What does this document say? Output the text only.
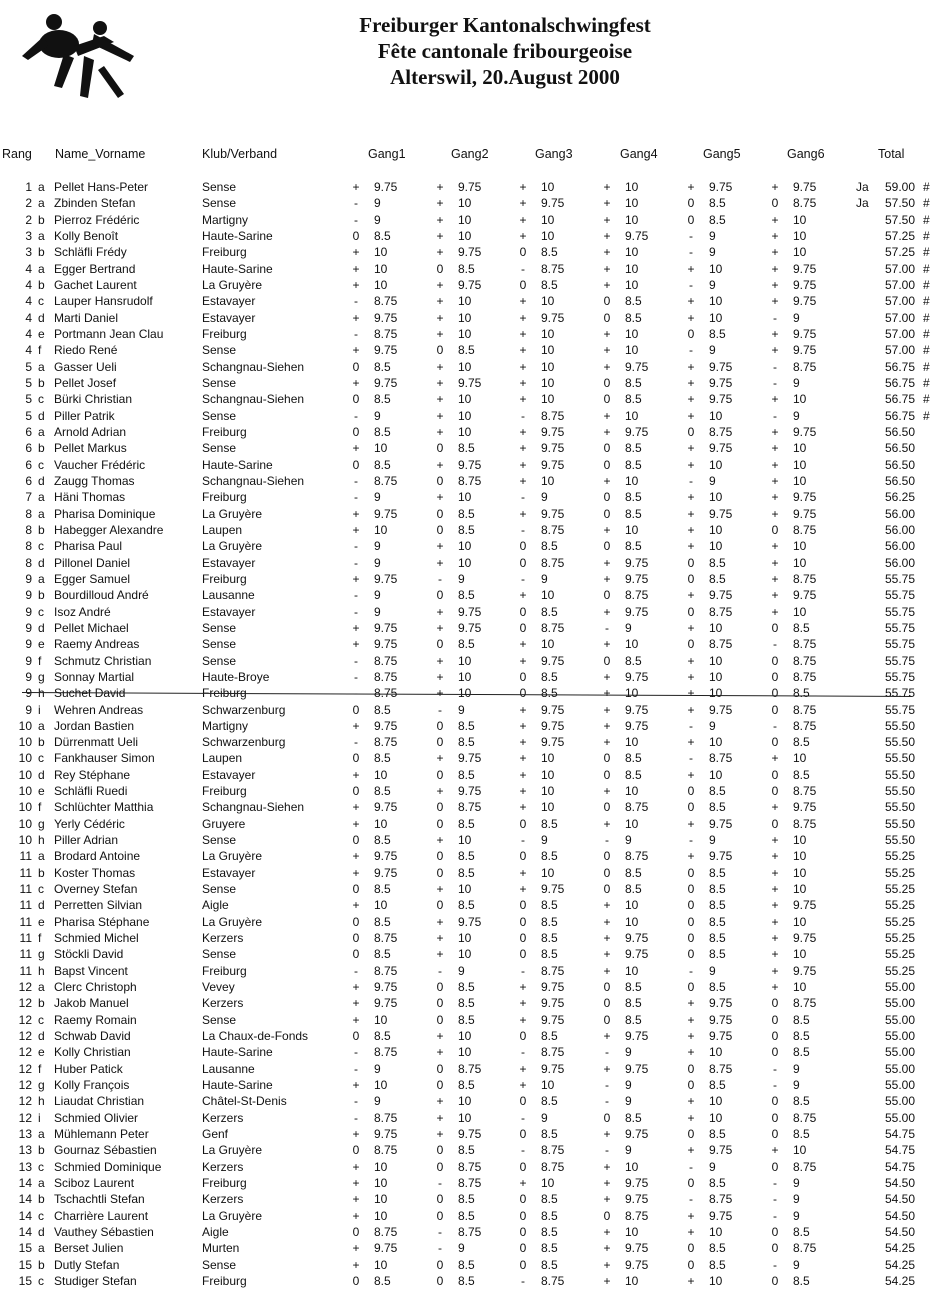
Freiburger Kantonalschwingfest
Fête cantonale fribourgeoise
Alterswil, 20.August 2000
Rang Name_Vorname	Klub/Verband	Gang1	Gang2	Gang3	Gang4	Gang5	Gang6	Total
1 a Pellet Hans-Peter	Sense	+ 9.75	+ 9.75	+ 10	+ 10	+ 9.75	+ 9.75	Ja	59.00 #
2 a Zbinden Stefan	Sense	- 9	+ 10	+ 9.75	+ 10	0 8.5	0 8.75	Ja	57.50 #
2 b Pierroz Frédéric	Martigny	- 9	+ 10	+ 10	+ 10	0 8.5	+ 10	57.50 #
3 a Kolly Benoît	Haute-Sarine	0 8.5	+ 10	+ 10	+ 9.75	- 9	+ 10	57.25 #
3 b Schläfli Frédy	Freiburg	+ 10	+ 9.75	0 8.5	+ 10	- 9	+ 10	57.25 #
4 a Egger Bertrand	Haute-Sarine	+ 10	0 8.5	- 8.75	+ 10	+ 10	+ 9.75	57.00 #
4 b Gachet Laurent	La Gruyère	+ 10	+ 9.75	0 8.5	+ 10	- 9	+ 9.75	57.00 #
4 c Lauper Hansrudolf	Estavayer	- 8.75	+ 10	+ 10	0 8.5	+ 10	+ 9.75	57.00 #
4 d Marti Daniel	Estavayer	+ 9.75	+ 10	+ 9.75	0 8.5	+ 10	- 9	57.00 #
4 e Portmann Jean Clau	Freiburg	- 8.75	+ 10	+ 10	+ 10	0 8.5	+ 9.75	57.00 #
4 f Riedo René	Sense	+ 9.75	0 8.5	+ 10	+ 10	- 9	+ 9.75	57.00 #
5 a Gasser Ueli	Schangnau-Siehen	0 8.5	+ 10	+ 10	+ 9.75	+ 9.75	- 8.75	56.75 #
5 b Pellet Josef	Sense	+ 9.75	+ 9.75	+ 10	0 8.5	+ 9.75	- 9	56.75 #
5 c Bürki Christian	Schangnau-Siehen	0 8.5	+ 10	+ 10	0 8.5	+ 9.75	+ 10	56.75 #
5 d Piller Patrik	Sense	- 9	+ 10	- 8.75	+ 10	+ 10	- 9	56.75 #
6 a Arnold Adrian	Freiburg	0 8.5	+ 10	+ 9.75	+ 9.75	0 8.75	+ 9.75	56.50
6 b Pellet Markus	Sense	+ 10	0 8.5	+ 9.75	0 8.5	+ 9.75	+ 10	56.50
6 c Vaucher Frédéric	Haute-Sarine	0 8.5	+ 9.75	+ 9.75	0 8.5	+ 10	+ 10	56.50
6 d Zaugg Thomas	Schangnau-Siehen	- 8.75	0 8.75	+ 10	+ 10	- 9	+ 10	56.50
7 a Häni Thomas	Freiburg	- 9	+ 10	- 9	0 8.5	+ 10	+ 9.75	56.25
8 a Pharisa Dominique	La Gruyère	+ 9.75	0 8.5	+ 9.75	0 8.5	+ 9.75	+ 9.75	56.00
8 b Habegger Alexandre	Laupen	+ 10	0 8.5	- 8.75	+ 10	+ 10	0 8.75	56.00
8 c Pharisa Paul	La Gruyère	- 9	+ 10	0 8.5	0 8.5	+ 10	+ 10	56.00
8 d Pillonel Daniel	Estavayer	- 9	+ 10	0 8.75	+ 9.75	0 8.5	+ 10	56.00
9 a Egger Samuel	Freiburg	+ 9.75	- 9	- 9	+ 9.75	0 8.5	+ 8.75	55.75
9 b Bourdilloud André	Lausanne	- 9	0 8.5	+ 10	0 8.75	+ 9.75	+ 9.75	55.75
9 c Isoz André	Estavayer	- 9	+ 9.75	0 8.5	+ 9.75	0 8.75	+ 10	55.75
9 d Pellet Michael	Sense	+ 9.75	+ 9.75	0 8.75	- 9	+ 10	0 8.5	55.75
9 e Raemy Andreas	Sense	+ 9.75	0 8.5	+ 10	+ 10	0 8.75	- 8.75	55.75
9 f Schmutz Christian	Sense	- 8.75	+ 10	+ 9.75	0 8.5	+ 10	0 8.75	55.75
9 g Sonnay Martial	Haute-Broye	- 8.75	+ 10	0 8.5	+ 9.75	+ 10	0 8.75	55.75
9 h Suchet David	Freiburg	- 8.75	+ 10	0 8.5	+ 10	+ 10	0 8.5	55.75
9 i Wehren Andreas	Schwarzenburg	0 8.5	- 9	+ 9.75	+ 9.75	+ 9.75	0 8.75	55.75
10 a Jordan Bastien	Martigny	+ 9.75	0 8.5	+ 9.75	+ 9.75	- 9	- 8.75	55.50
10 b Dürrenmatt Ueli	Schwarzenburg	- 8.75	0 8.5	+ 9.75	+ 10	+ 10	0 8.5	55.50
10 c Fankhauser Simon	Laupen	0 8.5	+ 9.75	+ 10	0 8.5	- 8.75	+ 10	55.50
10 d Rey Stéphane	Estavayer	+ 10	0 8.5	+ 10	0 8.5	+ 10	0 8.5	55.50
10 e Schläfli Ruedi	Freiburg	0 8.5	+ 9.75	+ 10	+ 10	0 8.5	0 8.75	55.50
10 f Schlüchter Matthia	Schangnau-Siehen	+ 9.75	0 8.75	+ 10	0 8.75	0 8.5	+ 9.75	55.50
10 g Yerly Cédéric	Gruyere	+ 10	0 8.5	0 8.5	+ 10	+ 9.75	0 8.75	55.50
10 h Piller Adrian	Sense	0 8.5	+ 10	- 9	- 9	- 9	+ 10	55.50
11 a Brodard Antoine	La Gruyère	+ 9.75	0 8.5	0 8.5	0 8.75	+ 9.75	+ 10	55.25
11 b Koster Thomas	Estavayer	+ 9.75	0 8.5	+ 10	0 8.5	0 8.5	+ 10	55.25
11 c Overney Stefan	Sense	0 8.5	+ 10	+ 9.75	0 8.5	0 8.5	+ 10	55.25
11 d Perretten Silvian	Aigle	+ 10	0 8.5	0 8.5	+ 10	0 8.5	+ 9.75	55.25
11 e Pharisa Stéphane	La Gruyère	0 8.5	+ 9.75	0 8.5	+ 10	0 8.5	+ 10	55.25
11 f Schmied Michel	Kerzers	0 8.75	+ 10	0 8.5	+ 9.75	0 8.5	+ 9.75	55.25
11 g Stöckli David	Sense	0 8.5	+ 10	0 8.5	+ 9.75	0 8.5	+ 10	55.25
11 h Bapst Vincent	Freiburg	- 8.75	- 9	- 8.75	+ 10	- 9	+ 9.75	55.25
12 a Clerc Christoph	Vevey	+ 9.75	0 8.5	+ 9.75	0 8.5	0 8.5	+ 10	55.00
12 b Jakob Manuel	Kerzers	+ 9.75	0 8.5	+ 9.75	0 8.5	+ 9.75	0 8.75	55.00
12 c Raemy Romain	Sense	+ 10	0 8.5	+ 9.75	0 8.5	+ 9.75	0 8.5	55.00
12 d Schwab David	La Chaux-de-Fonds	0 8.5	+ 10	0 8.5	+ 9.75	+ 9.75	0 8.5	55.00
12 e Kolly Christian	Haute-Sarine	- 8.75	+ 10	- 8.75	- 9	+ 10	0 8.5	55.00
12 f Huber Patick	Lausanne	- 9	0 8.75	+ 9.75	+ 9.75	0 8.75	- 9	55.00
12 g Kolly François	Haute-Sarine	+ 10	0 8.5	+ 10	- 9	0 8.5	- 9	55.00
12 h Liaudat Christian	Châtel-St-Denis	- 9	+ 10	0 8.5	- 9	+ 10	0 8.5	55.00
12 i Schmied Olivier	Kerzers	- 8.75	+ 10	- 9	0 8.5	+ 10	0 8.75	55.00
13 a Mühlemann Peter	Genf	+ 9.75	+ 9.75	0 8.5	+ 9.75	0 8.5	0 8.5	54.75
13 b Gournaz Sébastien	La Gruyère	0 8.75	0 8.5	- 8.75	- 9	+ 9.75	+ 10	54.75
13 c Schmied Dominique	Kerzers	+ 10	0 8.75	0 8.75	+ 10	- 9	0 8.75	54.75
14 a Sciboz Laurent	Freiburg	+ 10	- 8.75	+ 10	+ 9.75	0 8.5	- 9	54.50
14 b Tschachtli Stefan	Kerzers	+ 10	0 8.5	0 8.5	+ 9.75	- 8.75	- 9	54.50
14 c Charrière Laurent	La Gruyère	+ 10	0 8.5	0 8.5	0 8.75	+ 9.75	- 9	54.50
14 d Vauthey Sébastien	Aigle	0 8.75	- 8.75	0 8.5	+ 10	+ 10	0 8.5	54.50
15 a Berset Julien	Murten	+ 9.75	- 9	0 8.5	+ 9.75	0 8.5	0 8.75	54.25
15 b Dutly Stefan	Sense	+ 10	0 8.5	0 8.5	+ 9.75	0 8.5	- 9	54.25
15 c Studiger Stefan	Freiburg	0 8.5	0 8.5	- 8.75	+ 10	+ 10	0 8.5	54.25
